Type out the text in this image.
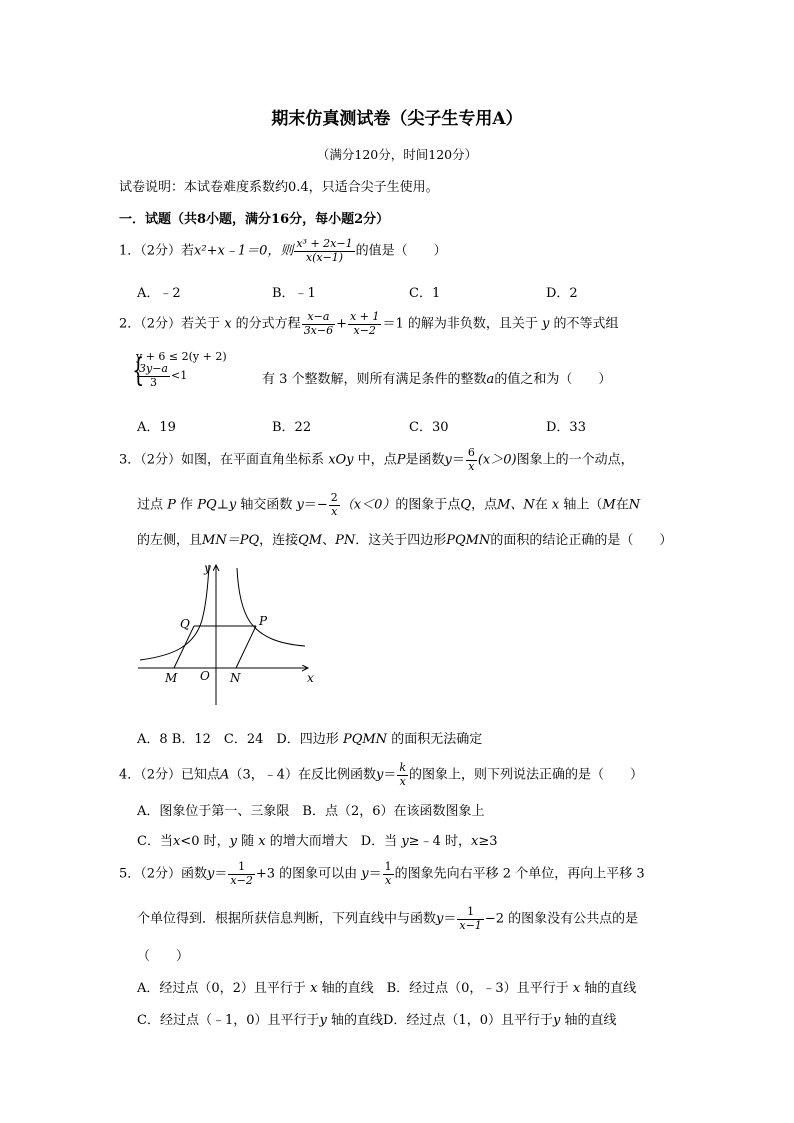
期末仿真测试卷（尖子生专用A）
（满分120分，时间120分）
试卷说明：本试卷难度系数约0.4，只适合尖子生使用。
一．试题（共8小题，满分16分，每小题2分）
1．（2分）若x²+x﹣1＝0，则 $\frac{\text{x³ + 2x−1}}{x(x-1)}$ 的值是（　　）
A．﹣2	B．﹣1	C．1	D．2
2．（2分）若关于 x 的分式方程 $\frac{x-a}{3x-6} + \frac{x + 1}{x-2} =1$ 的解为非负数，且关于 y 的不等式组
{
y + 6 ≤ 2(y + 2)
$\frac{3y-a}{3} <1$	有 3 个整数解，则所有满足条件的整数a的值之和为（　　）
A．19	B．22	C．30	D．33
3．（2分）如图，在平面直角坐标系 xOy 中，点P是函数$y= \frac{6}{x} (x>0)$图象上的一个动点，
过点 P 作 PQ⊥y 轴交函数 $y=- \frac{2}{x} (x<0)$的图象于点Q，点M、N在 x 轴上（M在N
的左侧，且MN＝PQ，连接QM、PN．这关于四边形PQMN的面积的结论正确的是（　　）
y
x
Q	P
M O N
A．8 B．12　C．24　D．四边形 PQMN 的面积无法确定
4．（2分）已知点A（3，﹣4）在反比例函数$y= \frac{k}{x}$ 的图象上，则下列说法正确的是（　　）
A．图象位于第一、三象限　B．点（2，6）在该函数图象上
C．当x<0 时，y 随 x 的增大而增大　D．当 y≥﹣4 时，x≥3
5．（2分）函数$y= \frac{1}{x-2} +3$ 的图象可以由 $y= \frac{1}{x}$ 的图象先向右平移 2 个单位，再向上平移 3
个单位得到．根据所获信息判断，下列直线中与函数$y= \frac{1}{x-1} -2$ 的图象没有公共点的是
（　　）
A．经过点（0，2）且平行于 x 轴的直线　B．经过点（0，﹣3）且平行于 x 轴的直线
C．经过点（﹣1，0）且平行于y 轴的直线D．经过点（1，0）且平行于y 轴的直线
